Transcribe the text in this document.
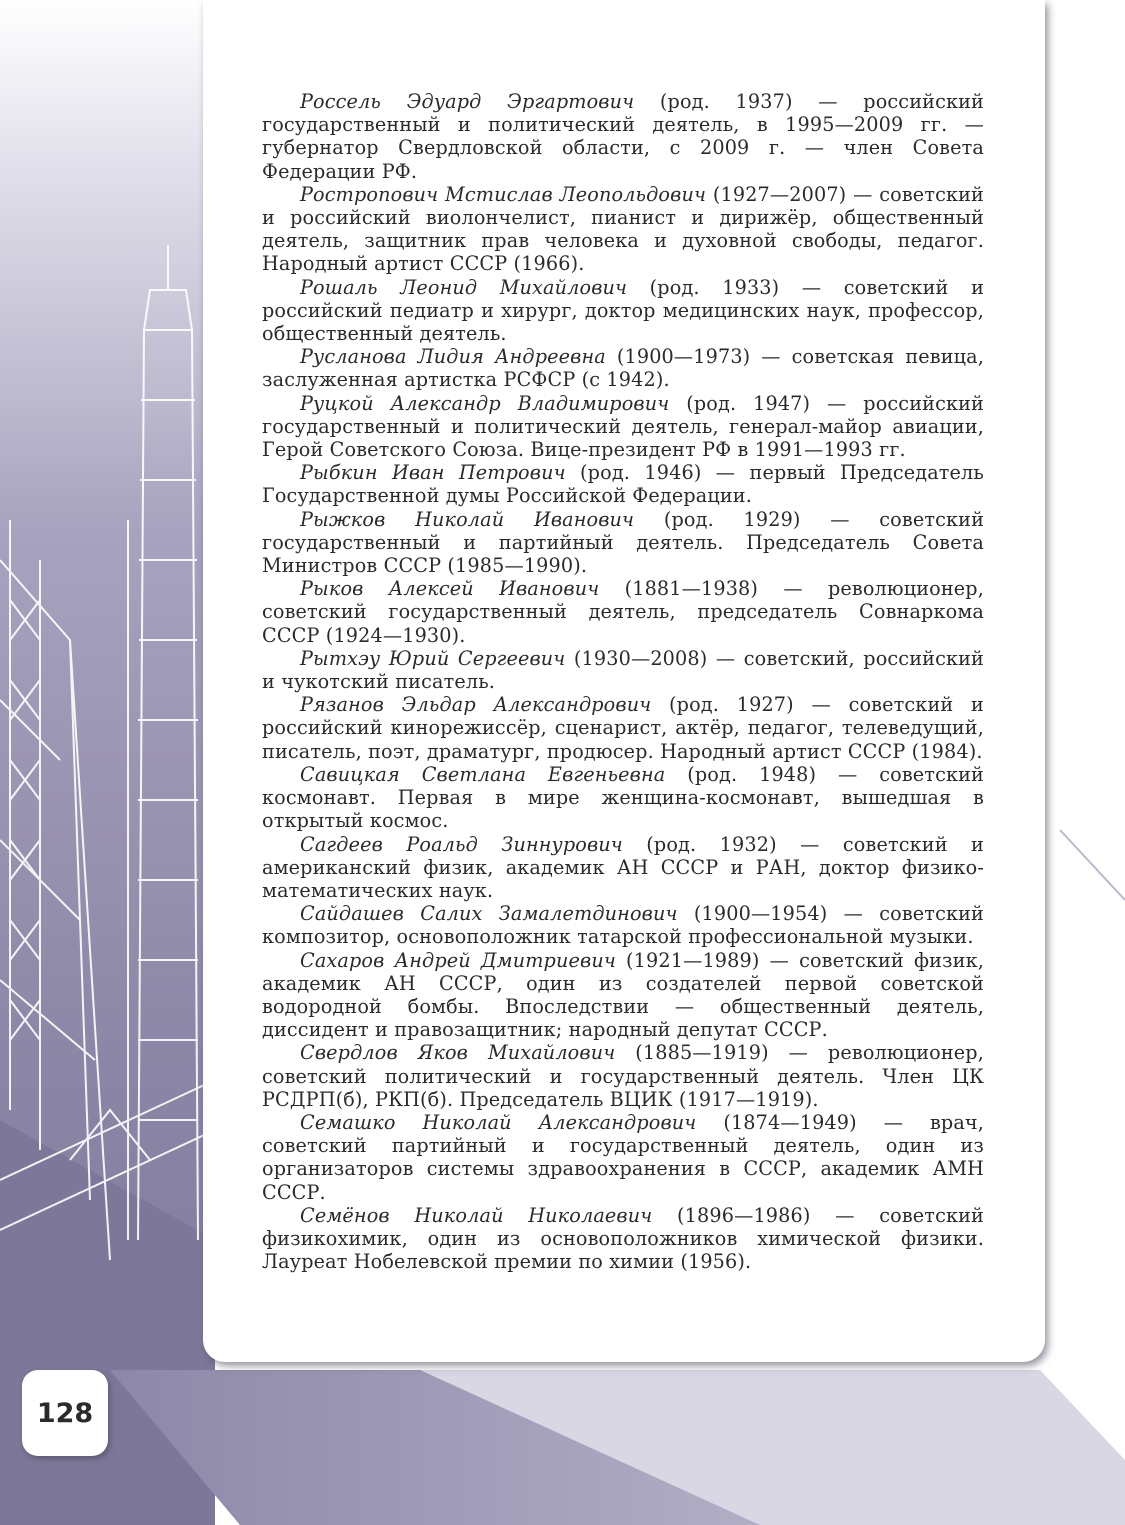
Россель Эдуард Эргартович (род. 1937) — российский государственный и политический деятель, в 1995—2009 гг. — губернатор Свердловской области, с 2009 г. — член Совета Федерации РФ.

Ростропович Мстислав Леопольдович (1927—2007) — советский и российский виолончелист, пианист и дирижёр, общественный деятель, защитник прав человека и духовной свободы, педагог. Народный артист СССР (1966).

Рошаль Леонид Михайлович (род. 1933) — советский и российский педиатр и хирург, доктор медицинских наук, профессор, общественный деятель.

Русланова Лидия Андреевна (1900—1973) — советская певица, заслуженная артистка РСФСР (с 1942).

Руцкой Александр Владимирович (род. 1947) — российский государственный и политический деятель, генерал-майор авиации, Герой Советского Союза. Вице-президент РФ в 1991—1993 гг.

Рыбкин Иван Петрович (род. 1946) — первый Председатель Государственной думы Российской Федерации.

Рыжков Николай Иванович (род. 1929) — советский государственный и партийный деятель. Председатель Совета Министров СССР (1985—1990).

Рыков Алексей Иванович (1881—1938) — революционер, советский государственный деятель, председатель Совнаркома СССР (1924—1930).

Рытхэу Юрий Сергеевич (1930—2008) — советский, российский и чукотский писатель.

Рязанов Эльдар Александрович (род. 1927) — советский и российский кинорежиссёр, сценарист, актёр, педагог, телеведущий, писатель, поэт, драматург, продюсер. Народный артист СССР (1984).

Савицкая Светлана Евгеньевна (род. 1948) — советский космонавт. Первая в мире женщина-космонавт, вышедшая в открытый космос.

Сагдеев Роальд Зиннурович (род. 1932) — советский и американский физик, академик АН СССР и РАН, доктор физико-математических наук.

Сайдашев Салих Замалетдинович (1900—1954) — советский композитор, основоположник татарской профессиональной музыки.

Сахаров Андрей Дмитриевич (1921—1989) — советский физик, академик АН СССР, один из создателей первой советской водородной бомбы. Впоследствии — общественный деятель, диссидент и правозащитник; народный депутат СССР.

Свердлов Яков Михайлович (1885—1919) — революционер, советский политический и государственный деятель. Член ЦК РСДРП(б), РКП(б). Председатель ВЦИК (1917—1919).

Семашко Николай Александрович (1874—1949) — врач, советский партийный и государственный деятель, один из организаторов системы здравоохранения в СССР, академик АМН СССР.

Семёнов Николай Николаевич (1896—1986) — советский физикохимик, один из основоположников химической физики. Лауреат Нобелевской премии по химии (1956).

128
